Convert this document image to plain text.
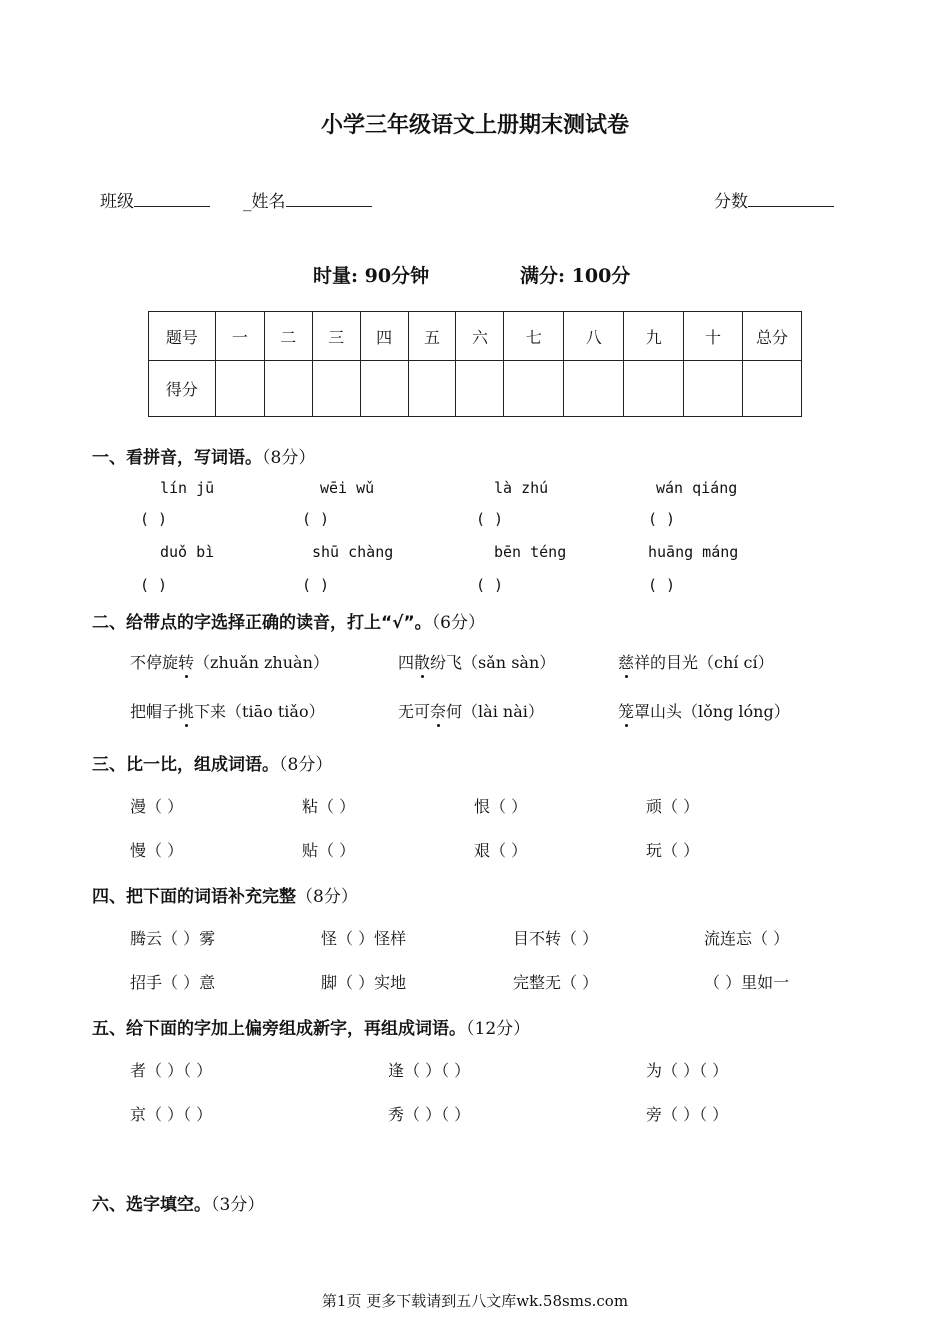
小学三年级语文上册期末测试卷
班级	_姓名	分数
时量: 90分钟	满分: 100分
题号	一	二	三	四	五	六	七	八	九	十	总分
得分											
一、看拼音，写词语。（8分）
lín jū	wēi wǔ	là zhú	wán qiáng
( )	( )	( )	( )
duǒ bì	shū chàng	bēn téng	huāng máng
( )	( )	( )	( )
二、给带点的字选择正确的读音，打上“√”。（6分）
不停旋转（zhuǎn zhuàn）	四散纷飞（sǎn sàn）	慈祥的目光（chí cí）
把帽子挑下来（tiāo tiǎo）	无可奈何（lài nài）	笼罩山头（lǒng lóng）
三、比一比，组成词语。（8分）
漫（ ）	粘（ ）	恨（ ）	顽（ ）
慢（ ）	贴（ ）	艰（ ）	玩（ ）
四、把下面的词语补充完整（8分）
腾云（ ）雾	怪（ ）怪样	目不转（ ）	流连忘（ ）
招手（ ）意	脚（ ）实地	完整无（ ）	（ ）里如一
五、给下面的字加上偏旁组成新字，再组成词语。（12分）
者（ ）（ ）	逢（ ）（ ）	为（ ）（ ）
京（ ）（ ）	秀（ ）（ ）	旁（ ）（ ）
六、选字填空。（3分）
第1页 更多下载请到五八文库wk.58sms.com
